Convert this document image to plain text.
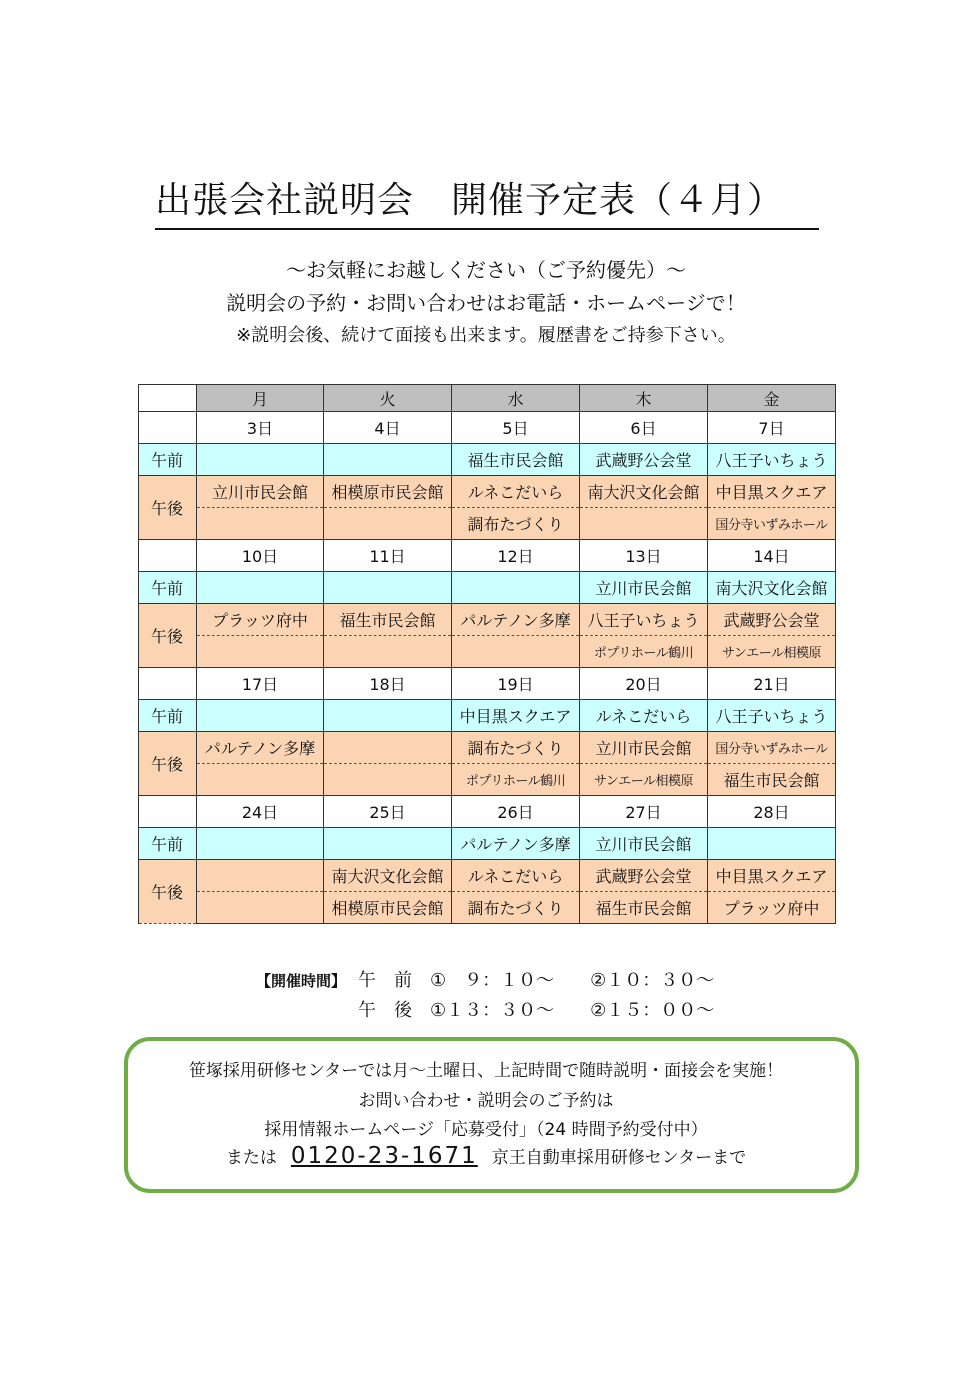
出張会社説明会　開催予定表（４月）
～お気軽にお越しください（ご予約優先）～
説明会の予約・お問い合わせはお電話・ホームページで！
※説明会後、続けて面接も出来ます。履歴書をご持参下さい。
	月	火	水	木	金
	3日	4日	5日	6日	7日
午前			福生市民会館	武蔵野公会堂	八王子いちょう
午後	立川市民会館	相模原市民会館	ルネこだいら	南大沢文化会館	中目黒スクエア
			調布たづくり		国分寺いずみホール
	10日	11日	12日	13日	14日
午前				立川市民会館	南大沢文化会館
午後	プラッツ府中	福生市民会館	パルテノン多摩	八王子いちょう	武蔵野公会堂
				ポプリホール鶴川	サンエール相模原
	17日	18日	19日	20日	21日
午前			中目黒スクエア	ルネこだいら	八王子いちょう
午後	パルテノン多摩		調布たづくり	立川市民会館	国分寺いずみホール
			ポプリホール鶴川	サンエール相模原	福生市民会館
	24日	25日	26日	27日	28日
午前			パルテノン多摩	立川市民会館	
午後		南大沢文化会館	ルネこだいら	武蔵野公会堂	中目黒スクエア
		相模原市民会館	調布たづくり	福生市民会館	プラッツ府中
【開催時間】 午　前　①　９：１０～　　②１０：３０～
午　後　①１３：３０～　　②１５：００～
笹塚採用研修センターでは月～土曜日、上記時間で随時説明・面接会を実施！
お問い合わせ・説明会のご予約は
採用情報ホームページ「応募受付」（24 時間予約受付中）
または 0120-23-1671 京王自動車採用研修センターまで
